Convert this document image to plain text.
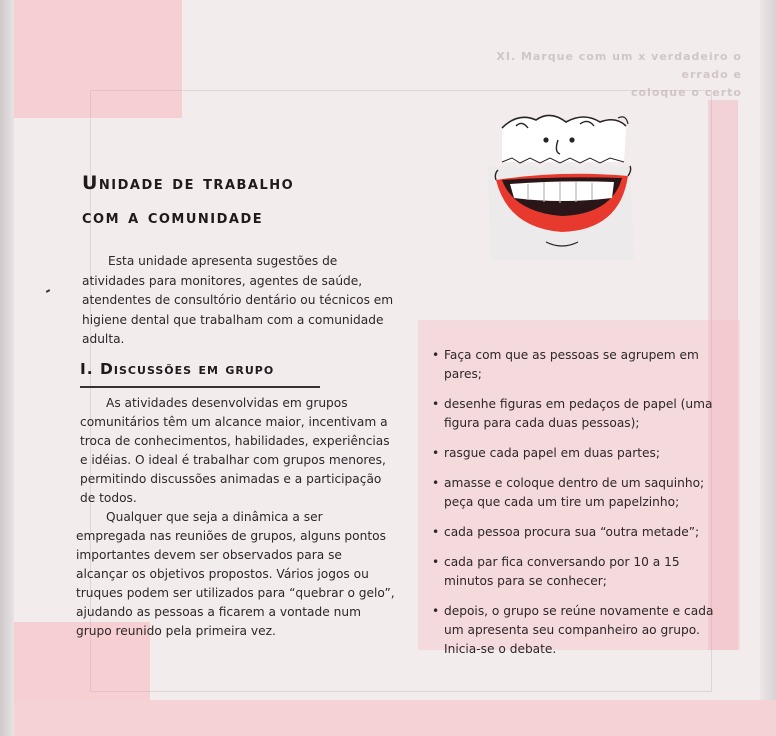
XI. Marque com um x verdadeiro o errado e
coloque o certo
Unidade de trabalho
com a comunidade

Esta unidade apresenta sugestões de atividades para monitores, agentes de saúde, atendentes de consultório dentário ou técnicos em higiene dental que trabalham com a comunidade adulta.

I. Discussões em grupo

As atividades desenvolvidas em grupos comunitários têm um alcance maior, incentivam a troca de conhecimentos, habilidades, experiências e idéias. O ideal é trabalhar com grupos menores, permitindo discussões animadas e a participação de todos.

Qualquer que seja a dinâmica a ser empregada nas reuniões de grupos, alguns pontos importantes devem ser observados para se alcançar os objetivos propostos. Vários jogos ou truques podem ser utilizados para “quebrar o gelo”, ajudando as pessoas a ficarem a vontade num grupo reunido pela primeira vez.

• Faça com que as pessoas se agrupem em pares;
• desenhe figuras em pedaços de papel (uma figura para cada duas pessoas);
• rasgue cada papel em duas partes;
• amasse e coloque dentro de um saquinho; peça que cada um tire um papelzinho;
• cada pessoa procura sua “outra metade”;
• cada par fica conversando por 10 a 15 minutos para se conhecer;
• depois, o grupo se reúne novamente e cada um apresenta seu companheiro ao grupo. Inicia-se o debate.
